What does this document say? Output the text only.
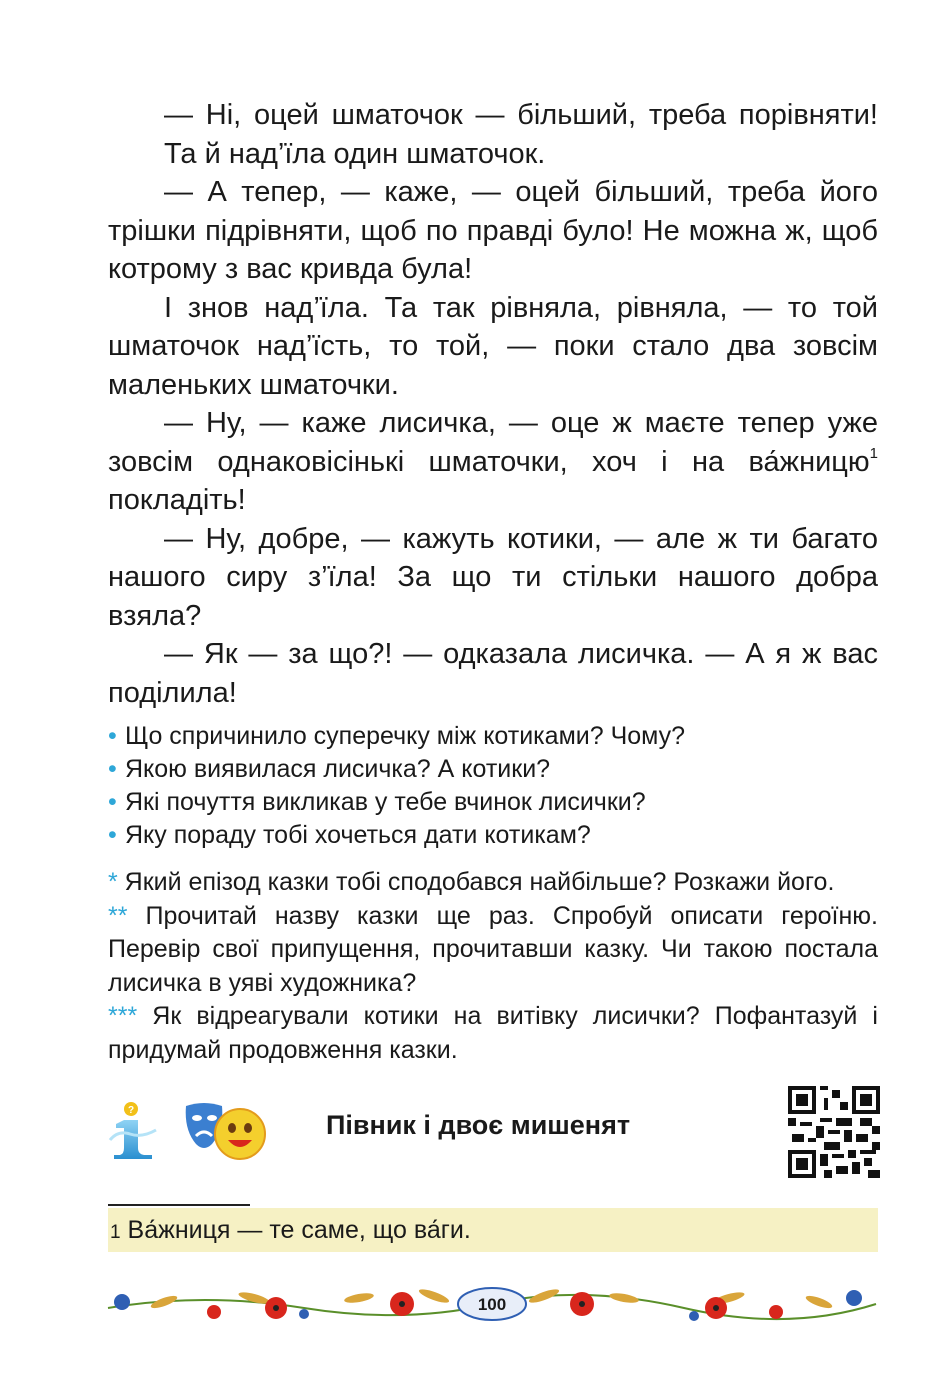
— Ні, оцей шматочок — більший, треба порівняти!

Та й над’їла один шматочок.

— А тепер, — каже, — оцей більший, треба його трішки підрівняти, щоб по правді було! Не можна ж, щоб котрому з вас кривда була!

І знов над’їла. Та так рівняла, рівняла, — то той шматочок над’їсть, то той, — поки стало два зовсім маленьких шматочки.

— Ну, — каже лисичка, — оце ж маєте тепер уже зовсім однаковісінькі шматочки, хоч і на ва́жницю$^1$ покладіть!

— Ну, добре, — кажуть котики, — але ж ти багато нашого сиру з’їла! За що ти стільки нашого добра взяла?

— Як — за що?! — одказала лисичка. — А я ж вас поділила!

• Що спричинило суперечку між котиками? Чому?
• Якою виявилася лисичка? А котики?
• Які почуття викликав у тебе вчинок лисички?
• Яку пораду тобі хочеться дати котикам?

* Який епізод казки тобі сподобався найбільше? Розкажи його.

** Прочитай назву казки ще раз. Спробуй описати героїню. Перевір свої припущення, прочитавши казку. Чи такою постала лисичка в уяві художника?

*** Як відреагували котики на витівку лисички? Пофантазуй і придумай продовження казки.

?	Півник і двоє мишенят
1 Ва́жниця — те саме, що ва́ги.
100
